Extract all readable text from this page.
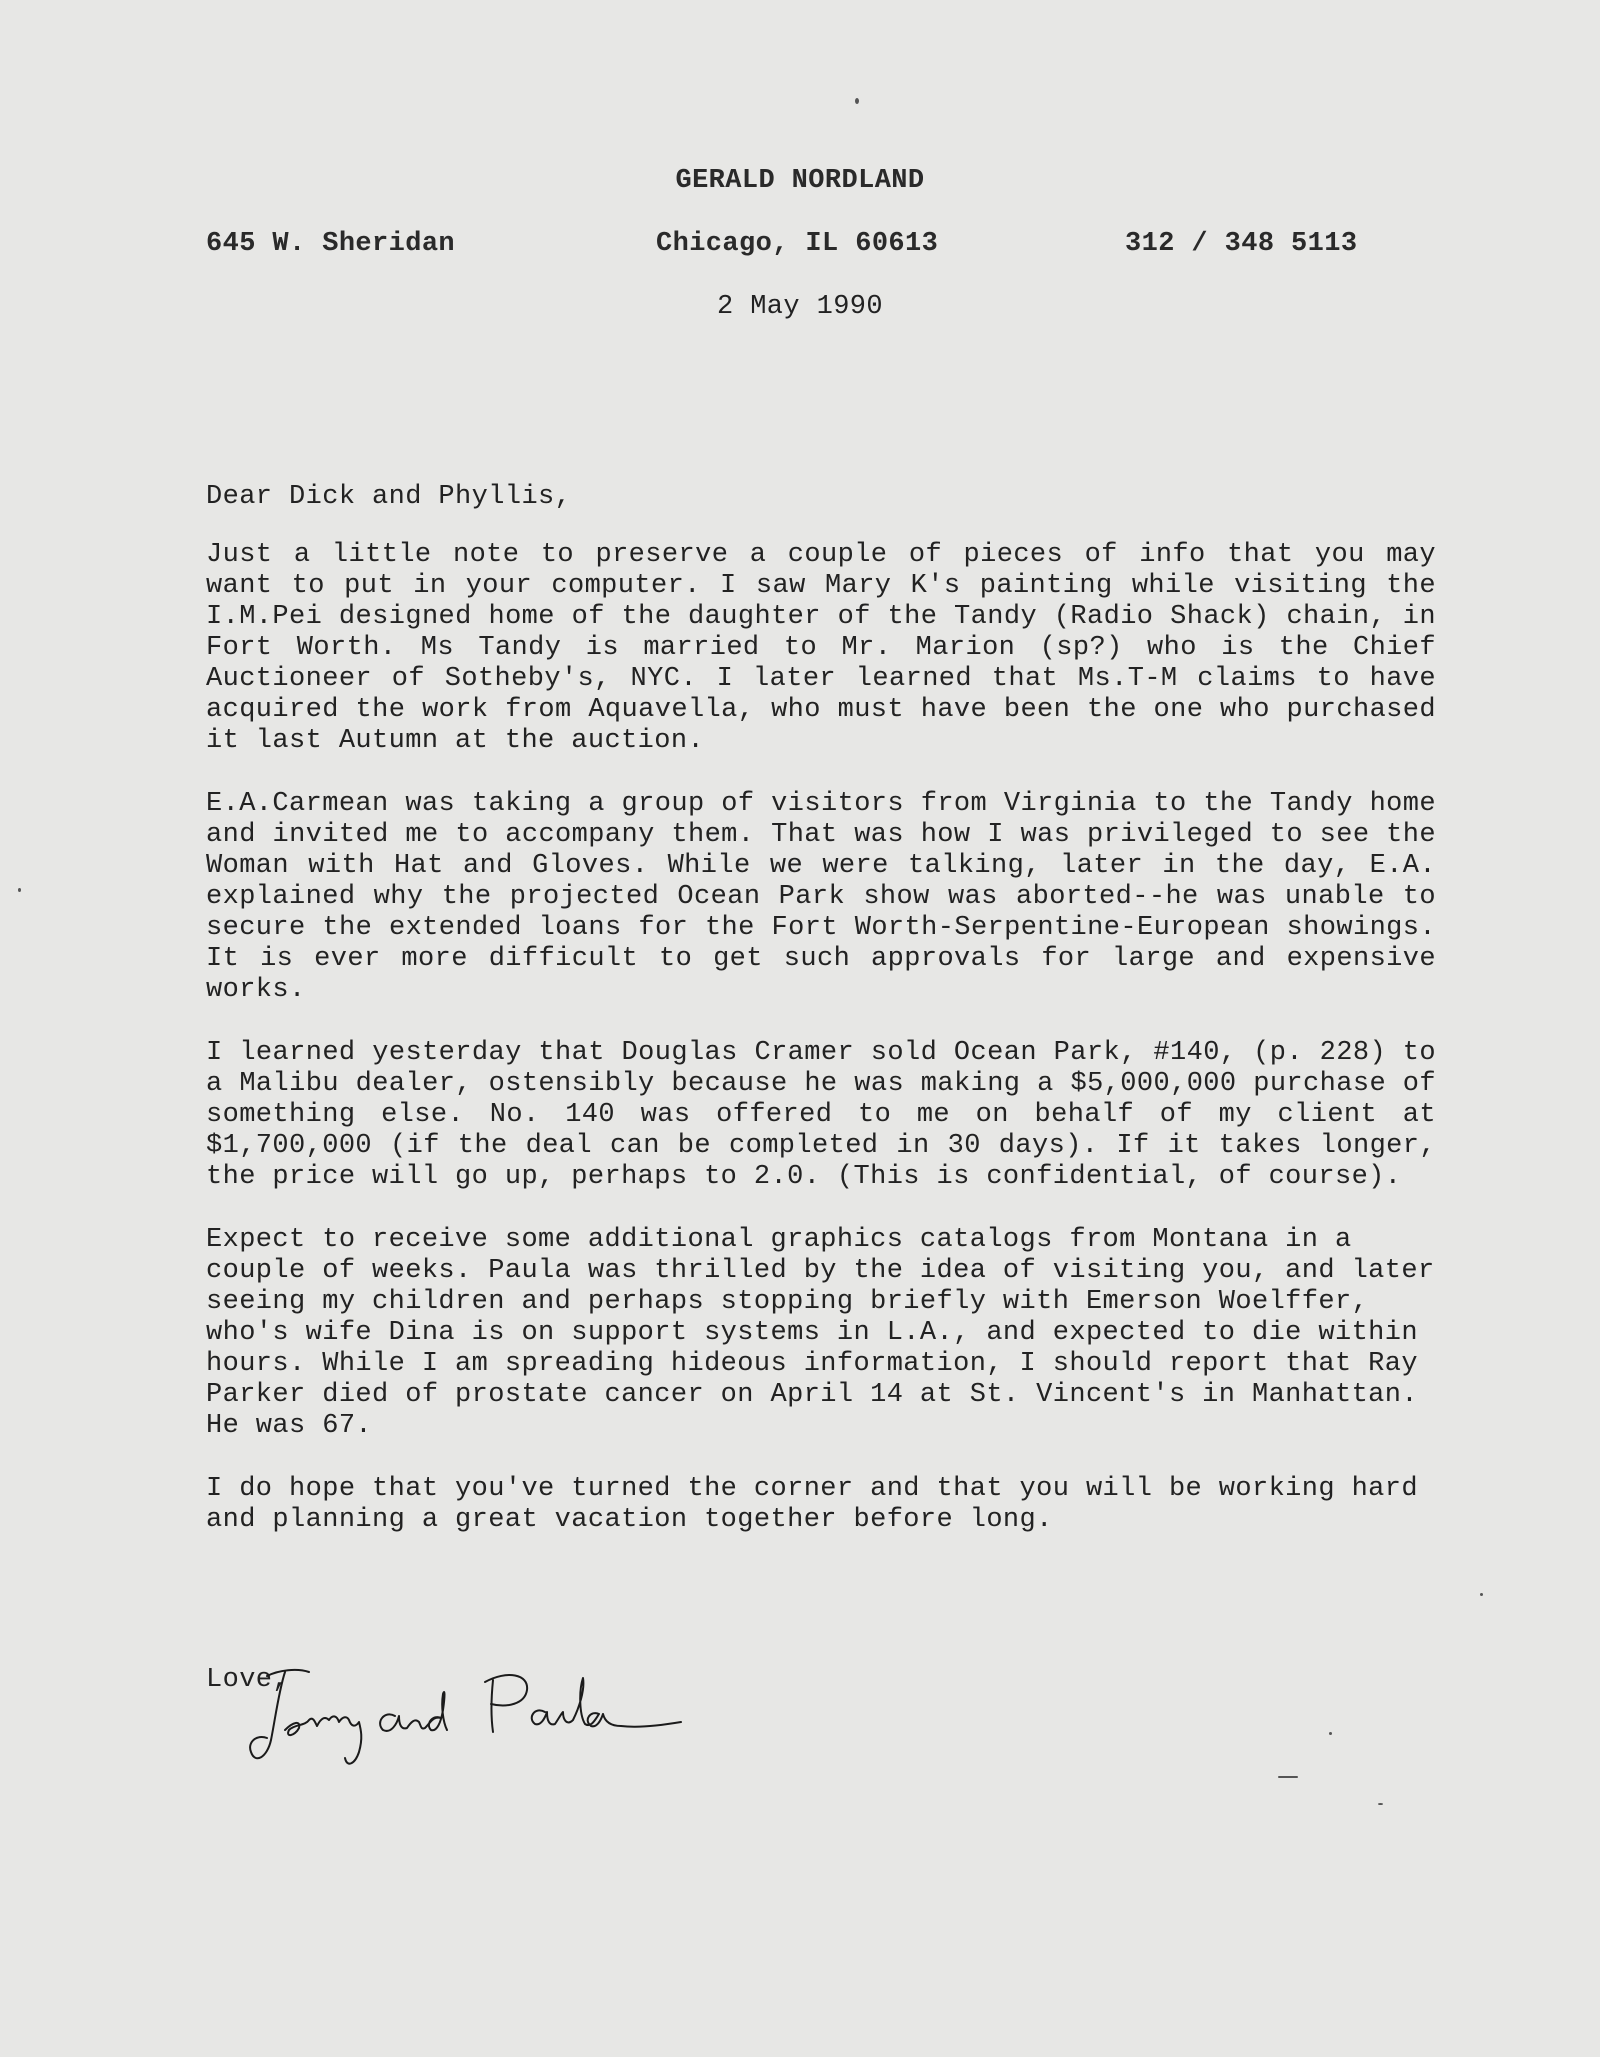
GERALD NORDLAND
645 W. Sheridan	Chicago, IL 60613	312 / 348 5113
2 May 1990

Dear Dick and Phyllis,

Just a little note to preserve a couple of pieces of info that you may want to put in your computer. I saw Mary K's painting while visiting the I.M.Pei designed home of the daughter of the Tandy (Radio Shack) chain, in Fort Worth. Ms Tandy is married to Mr. Marion (sp?) who is the Chief Auctioneer of Sotheby's, NYC. I later learned that Ms.T-M claims to have acquired the work from Aquavella, who must have been the one who purchased it last Autumn at the auction.

E.A.Carmean was taking a group of visitors from Virginia to the Tandy home and invited me to accompany them. That was how I was privileged to see the Woman with Hat and Gloves. While we were talking, later in the day, E.A. explained why the projected Ocean Park show was aborted--he was unable to secure the extended loans for the Fort Worth-Serpentine-European showings. It is ever more difficult to get such approvals for large and expensive works.

I learned yesterday that Douglas Cramer sold Ocean Park, #140, (p. 228) to a Malibu dealer, ostensibly because he was making a $5,000,000 purchase of something else. No. 140 was offered to me on behalf of my client at $1,700,000 (if the deal can be completed in 30 days). If it takes longer, the price will go up, perhaps to 2.0. (This is confidential, of course).

Expect to receive some additional graphics catalogs from Montana in a couple of weeks. Paula was thrilled by the idea of visiting you, and later seeing my children and perhaps stopping briefly with Emerson Woelffer, who's wife Dina is on support systems in L.A., and expected to die within hours. While I am spreading hideous information, I should report that Ray Parker died of prostate cancer on April 14 at St. Vincent's in Manhattan. He was 67.

I do hope that you've turned the corner and that you will be working hard and planning a great vacation together before long.

Love,
